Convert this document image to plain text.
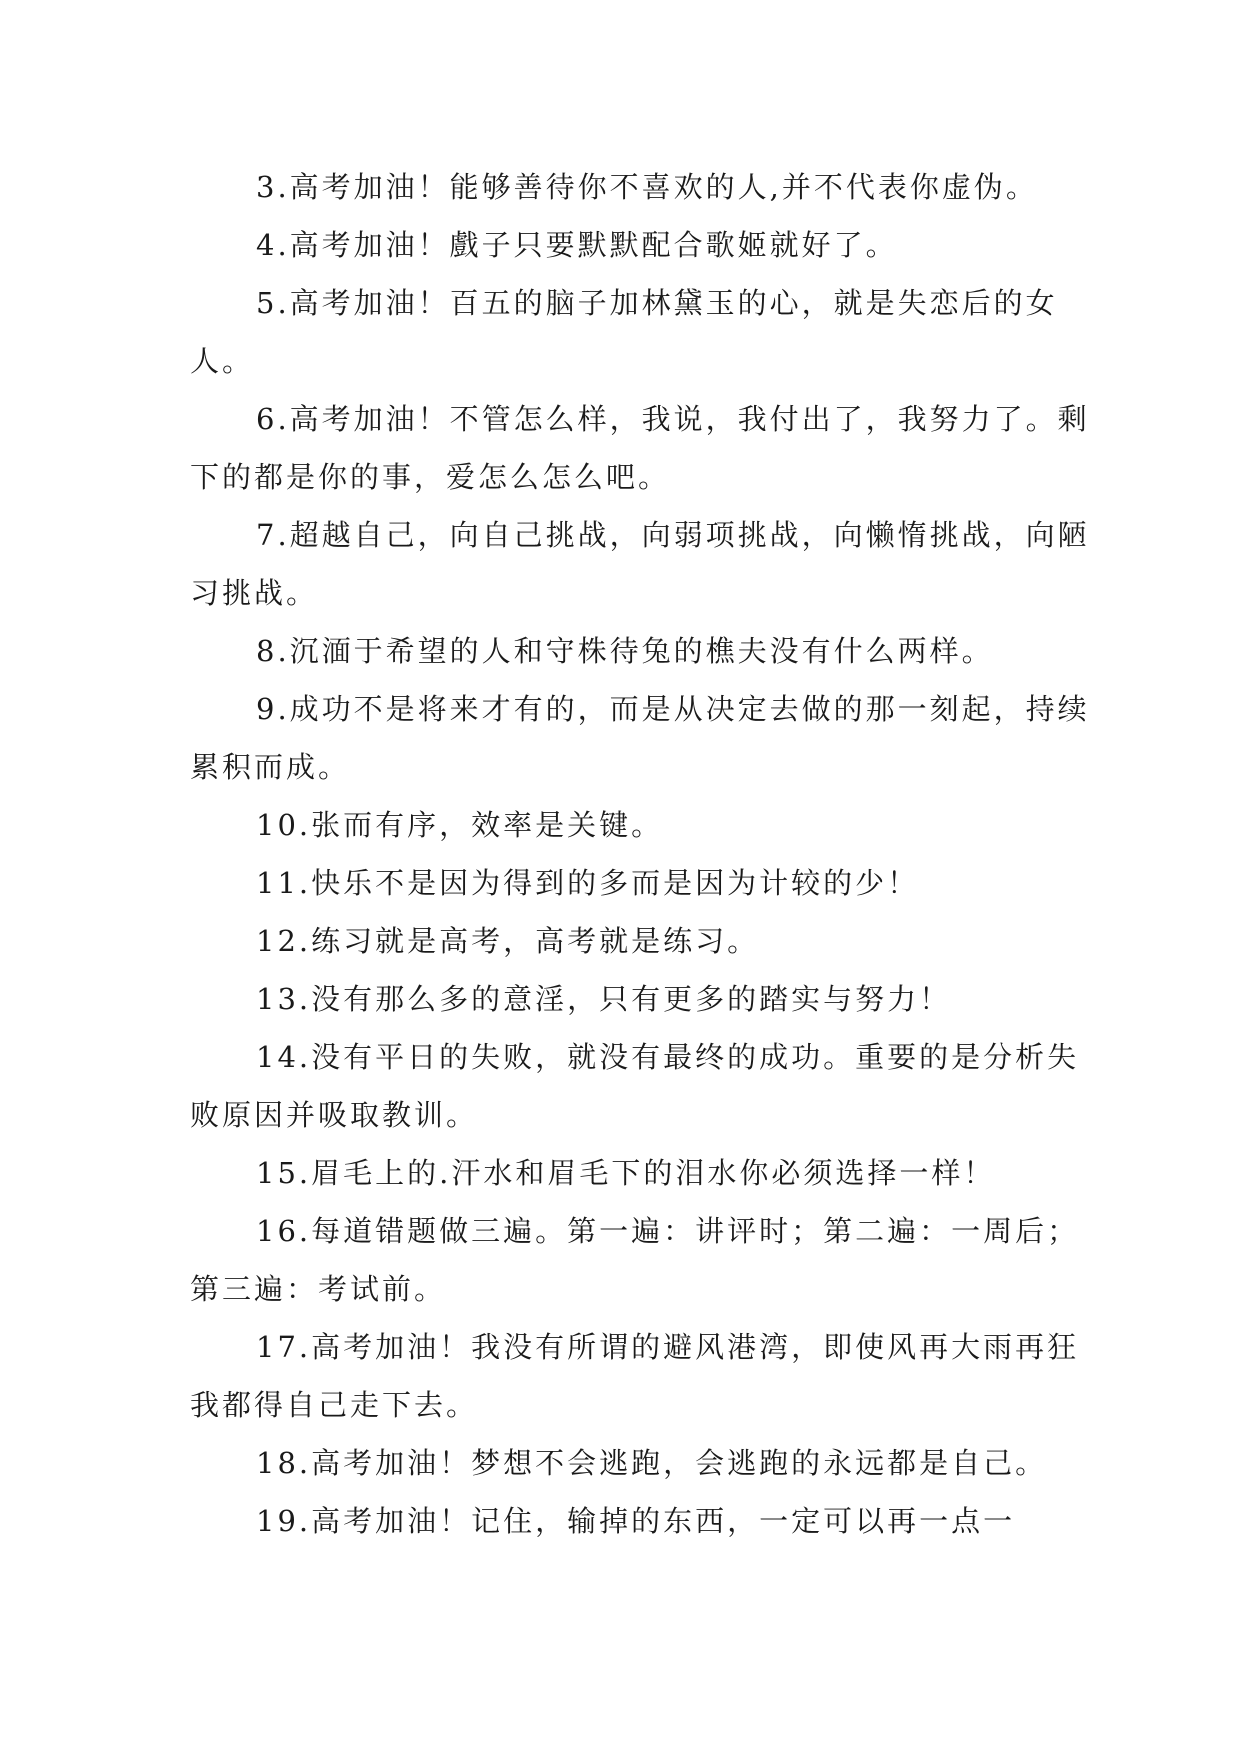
3.高考加油！能够善待你不喜欢的人,并不代表你虚伪。

4.高考加油！戲子只要默默配合歌姬就好了。

5.高考加油！百五的脑子加林黛玉的心，就是失恋后的女人。

6.高考加油！不管怎么样，我说，我付出了，我努力了。剩下的都是你的事，爱怎么怎么吧。

7.超越自己，向自己挑战，向弱项挑战，向懒惰挑战，向陋习挑战。

8.沉湎于希望的人和守株待兔的樵夫没有什么两样。

9.成功不是将来才有的，而是从决定去做的那一刻起，持续累积而成。

10.张而有序，效率是关键。

11.快乐不是因为得到的多而是因为计较的少！

12.练习就是高考，高考就是练习。

13.没有那么多的意淫，只有更多的踏实与努力！

14.没有平日的失败，就没有最终的成功。重要的是分析失败原因并吸取教训。

15.眉毛上的.汗水和眉毛下的泪水你必须选择一样！

16.每道错题做三遍。第一遍：讲评时；第二遍：一周后；第三遍：考试前。

17.高考加油！我没有所谓的避风港湾，即使风再大雨再狂我都得自己走下去。

18.高考加油！梦想不会逃跑，会逃跑的永远都是自己。

19.高考加油！记住，输掉的东西，一定可以再一点一
